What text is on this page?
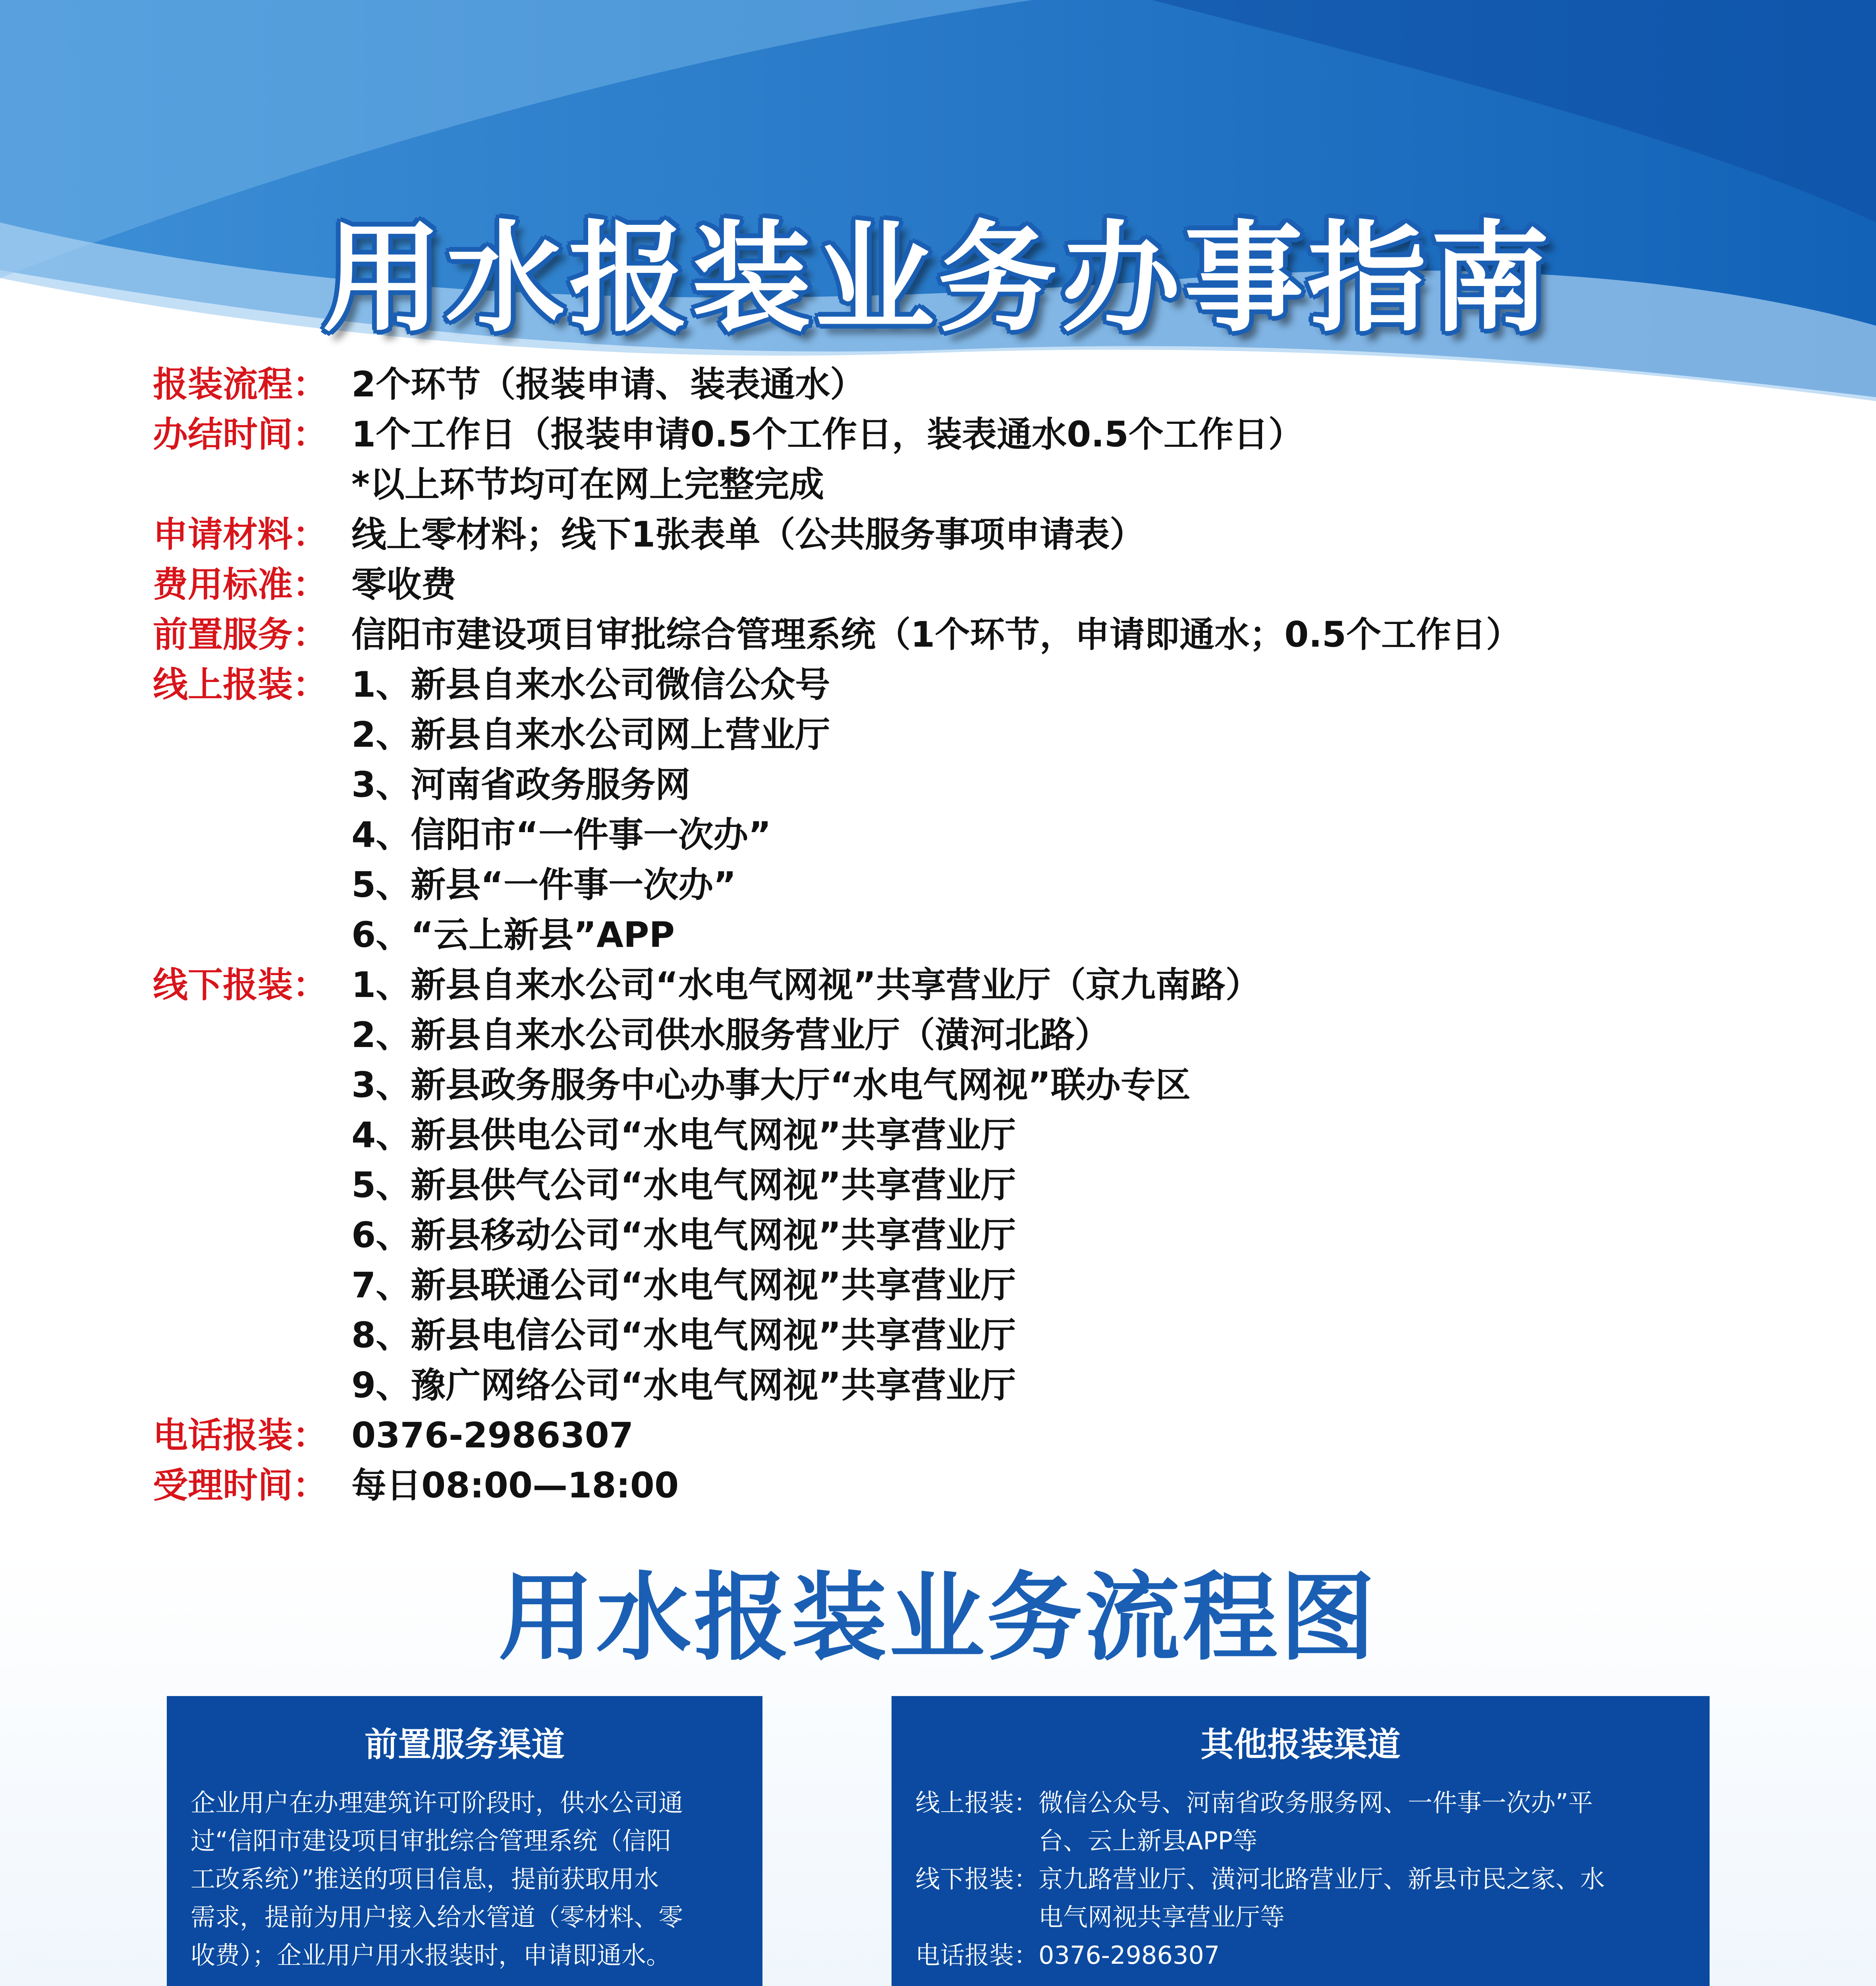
用水报装业务办事指南
报装流程： 2个环节（报装申请、装表通水）
办结时间： 1个工作日（报装申请0.5个工作日，装表通水0.5个工作日）
*以上环节均可在网上完整完成
申请材料： 线上零材料；线下1张表单（公共服务事项申请表）
费用标准： 零收费
前置服务： 信阳市建设项目审批综合管理系统（1个环节，申请即通水；0.5个工作日）
线上报装： 1、新县自来水公司微信公众号
2、新县自来水公司网上营业厅
3、河南省政务服务网
4、信阳市“一件事一次办”
5、新县“一件事一次办”
6、“云上新县”APP
线下报装： 1、新县自来水公司“水电气网视”共享营业厅（京九南路）
2、新县自来水公司供水服务营业厅（潢河北路）
3、新县政务服务中心办事大厅“水电气网视”联办专区
4、新县供电公司“水电气网视”共享营业厅
5、新县供气公司“水电气网视”共享营业厅
6、新县移动公司“水电气网视”共享营业厅
7、新县联通公司“水电气网视”共享营业厅
8、新县电信公司“水电气网视”共享营业厅
9、豫广网络公司“水电气网视”共享营业厅
电话报装： 0376-2986307
受理时间： 每日08:00—18:00
用水报装业务流程图
前置服务渠道
企业用户在办理建筑许可阶段时，供水公司通
过“信阳市建设项目审批综合管理系统（信阳
工改系统）”推送的项目信息，提前获取用水
需求，提前为用户接入给水管道（零材料、零
收费）；企业用户用水报装时，申请即通水。
其他报装渠道
线上报装： 微信公众号、河南省政务服务网、一件事一次办”平
台、云上新县APP等
线下报装： 京九路营业厅、潢河北路营业厅、新县市民之家、水
电气网视共享营业厅等
电话报装： 0376-2986307
